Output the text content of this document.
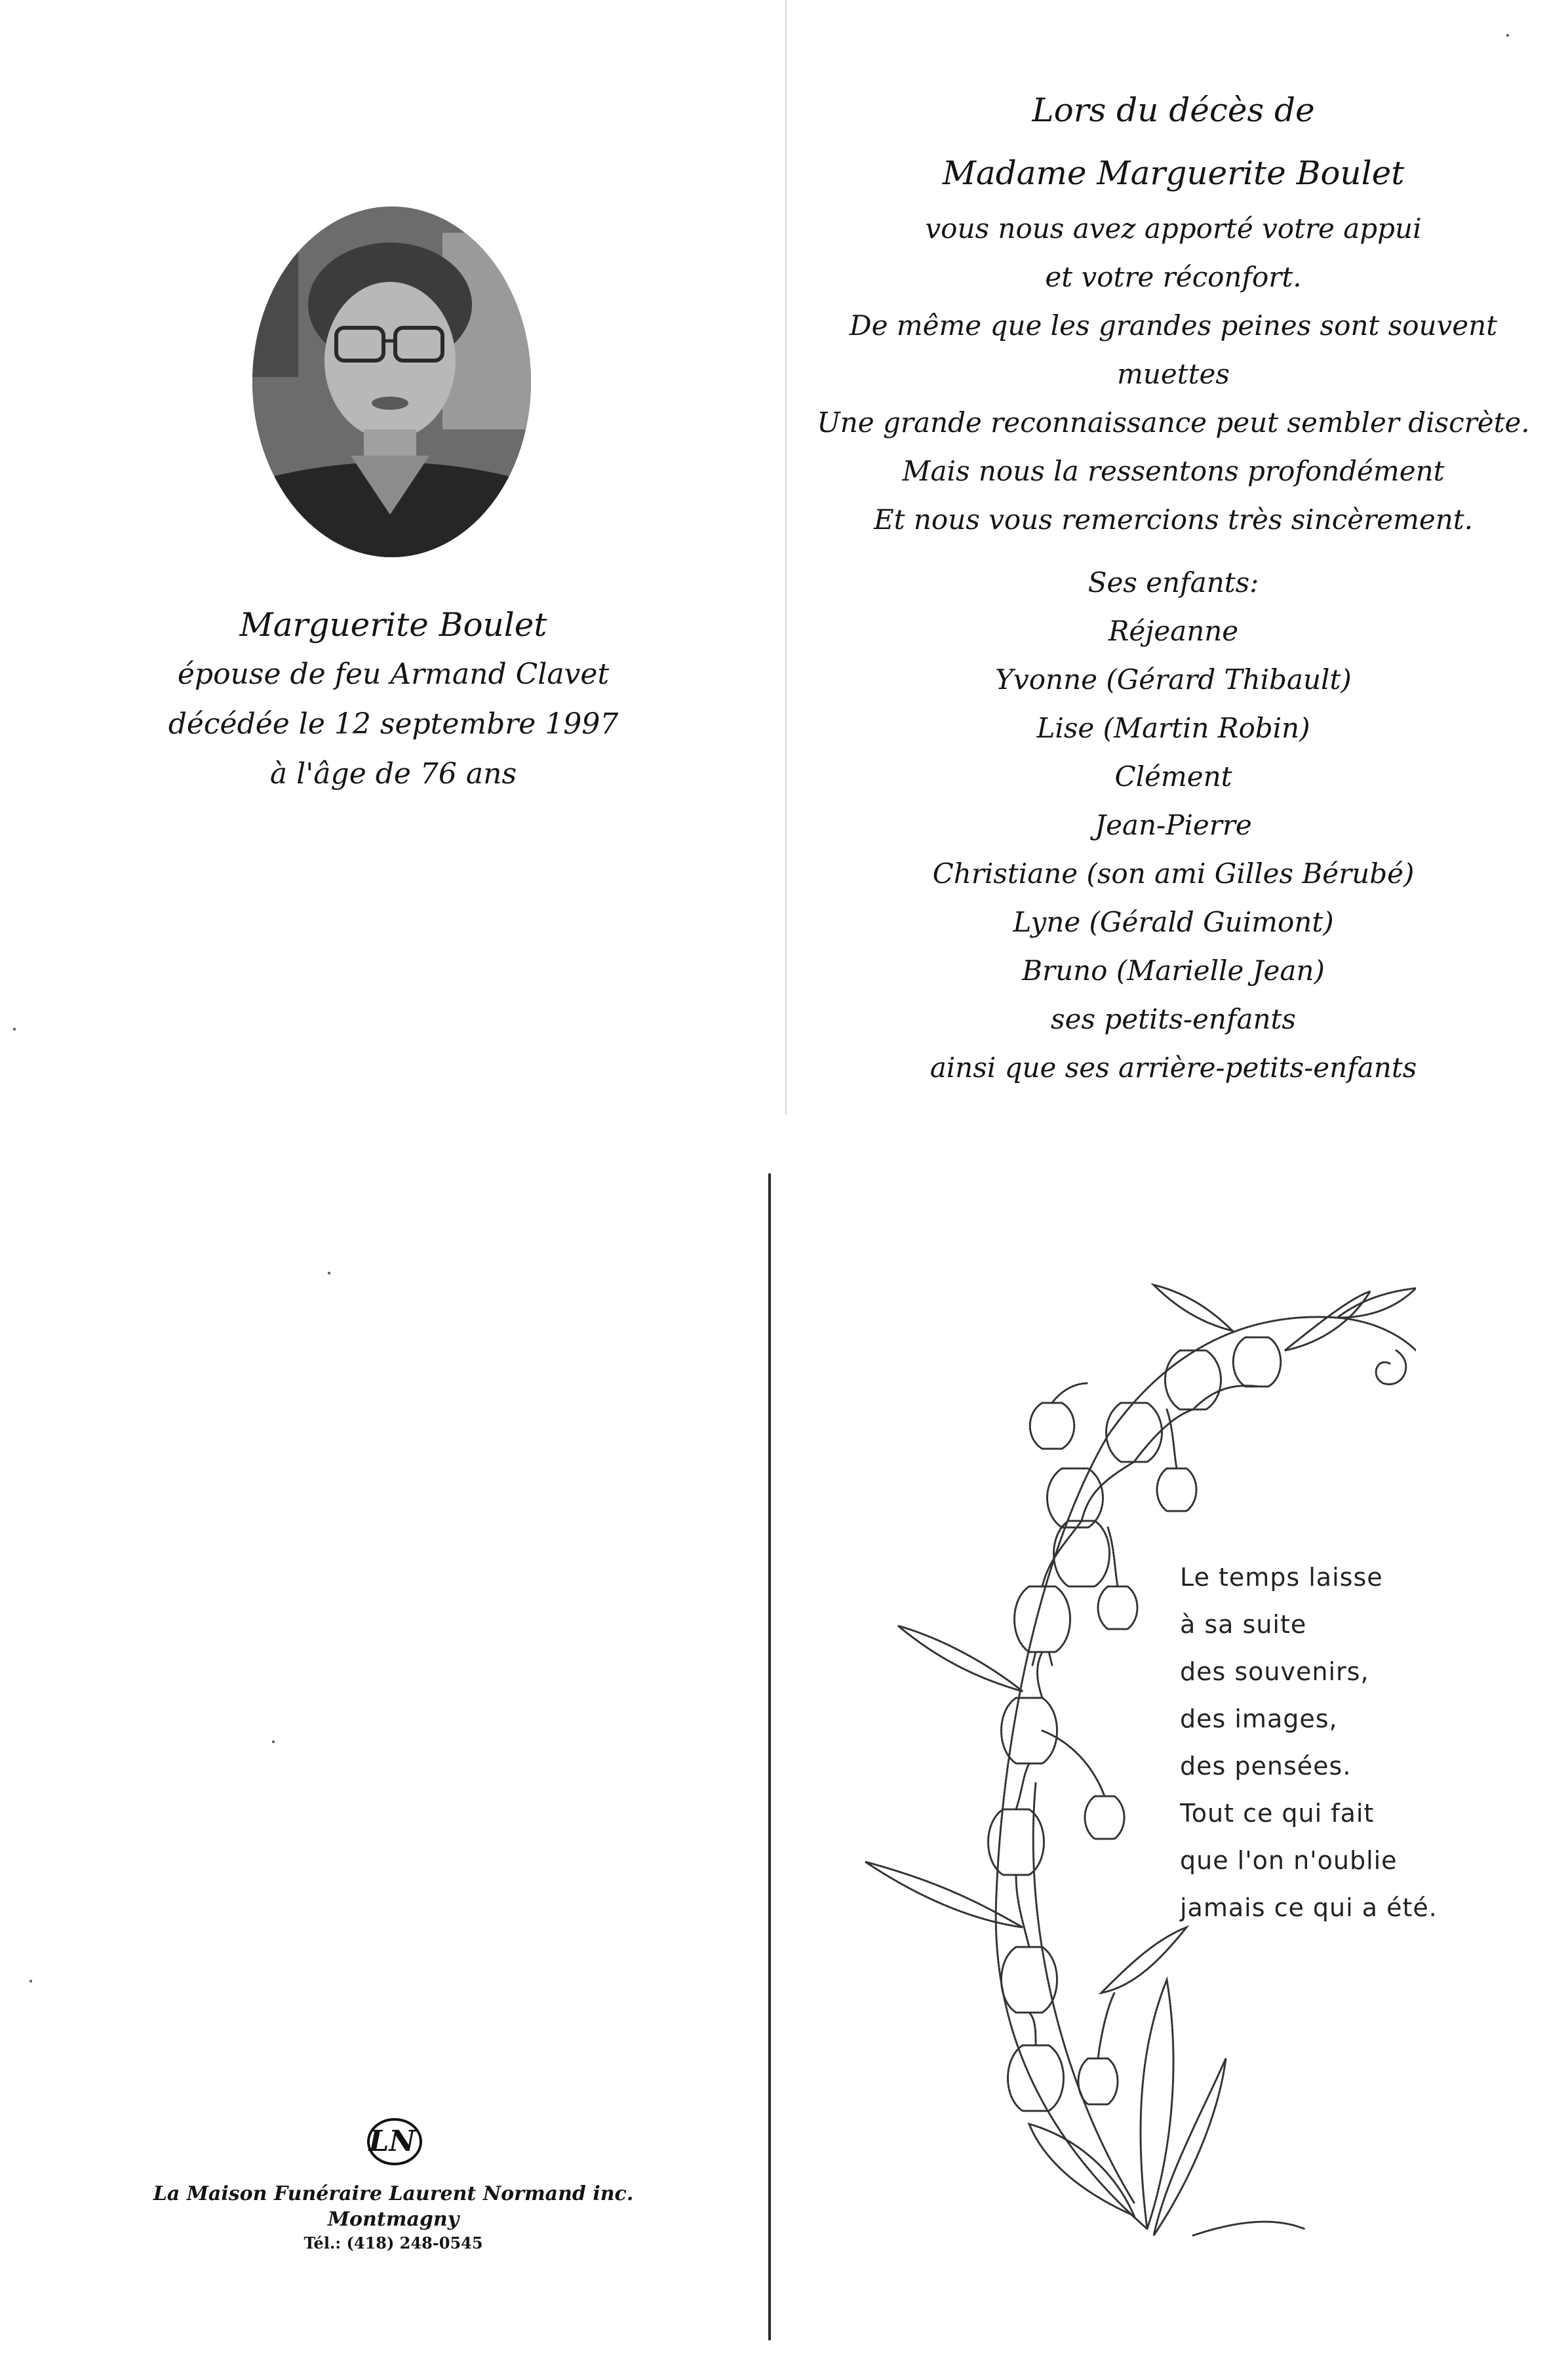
Marguerite Boulet
épouse de feu Armand Clavet
décédée le 12 septembre 1997
à l'âge de 76 ans
Lors du décès de
Madame Marguerite Boulet
vous nous avez apporté votre appui
et votre réconfort.
De même que les grandes peines sont souvent muettes
Une grande reconnaissance peut sembler discrète.
Mais nous la ressentons profondément
Et nous vous remercions très sincèrement.
Ses enfants:
Réjeanne
Yvonne (Gérard Thibault)
Lise (Martin Robin)
Clément
Jean-Pierre
Christiane (son ami Gilles Bérubé)
Lyne (Gérald Guimont)
Bruno (Marielle Jean)
ses petits-enfants
ainsi que ses arrière-petits-enfants
LN
La Maison Funéraire Laurent Normand inc.
Montmagny
Tél.: (418) 248-0545
Le temps laisse
à sa suite
des souvenirs,
des images,
des pensées.
Tout ce qui fait
que l'on n'oublie
jamais ce qui a été.
